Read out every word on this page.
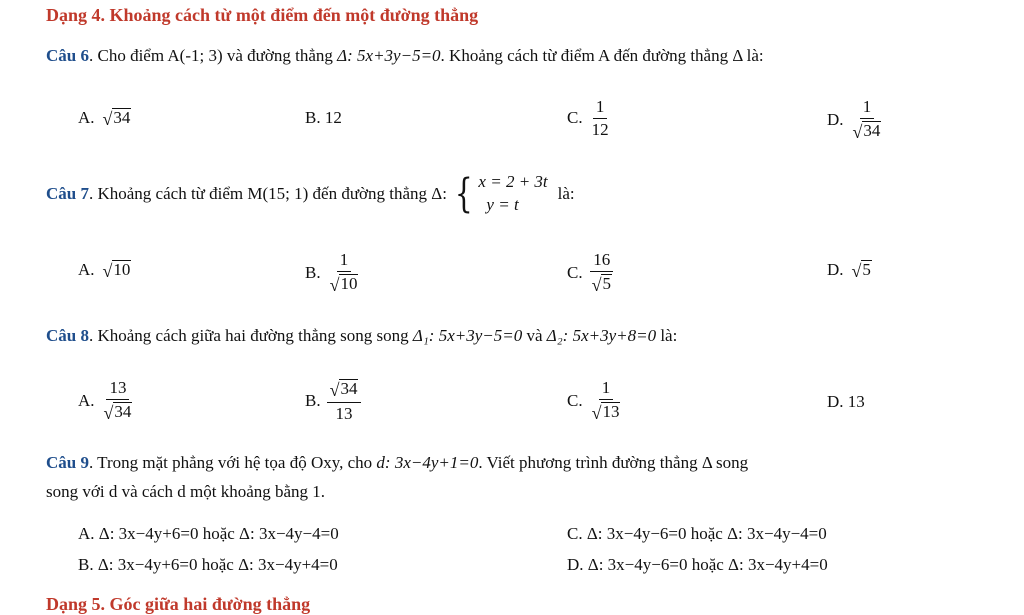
Dạng 4. Khoảng cách từ một điểm đến một đường thẳng
Câu 6. Cho điểm A(-1; 3) và đường thẳng Δ: 5x+3y−5=0. Khoảng cách từ điểm A đến đường thẳng Δ là:
A. √ 34	B. 12	C. $\frac{1}{12}$	D. $\frac{1}{√ 34}$
Câu 7 . Khoảng cách từ điểm M(15; 1) đến đường thẳng Δ: { x = 2 + 3t
y = t
là:
A. √ 10	B. $\frac{1}{√ 10}$	C. $\frac{16}{√ 5}$	D. √ 5
Câu 8. Khoảng cách giữa hai đường thẳng song song Δ₁: 5x+3y−5=0 và Δ₂: 5x+3y+8=0 là:
A. $\frac{13}{√ 34}$	B. $\frac{√ 34}{13}$	C. $\frac{1}{√ 13}$	D. 13
Câu 9. Trong mặt phẳng với hệ tọa độ Oxy, cho d: 3x−4y+1=0. Viết phương trình đường thẳng Δ song
song với d và cách d một khoảng bằng 1.
A. Δ: 3x−4y+6=0 hoặc Δ: 3x−4y−4=0
B. Δ: 3x−4y+6=0 hoặc Δ: 3x−4y+4=0
C. Δ: 3x−4y−6=0 hoặc Δ: 3x−4y−4=0
D. Δ: 3x−4y−6=0 hoặc Δ: 3x−4y+4=0
Dạng 5. Góc giữa hai đường thẳng
